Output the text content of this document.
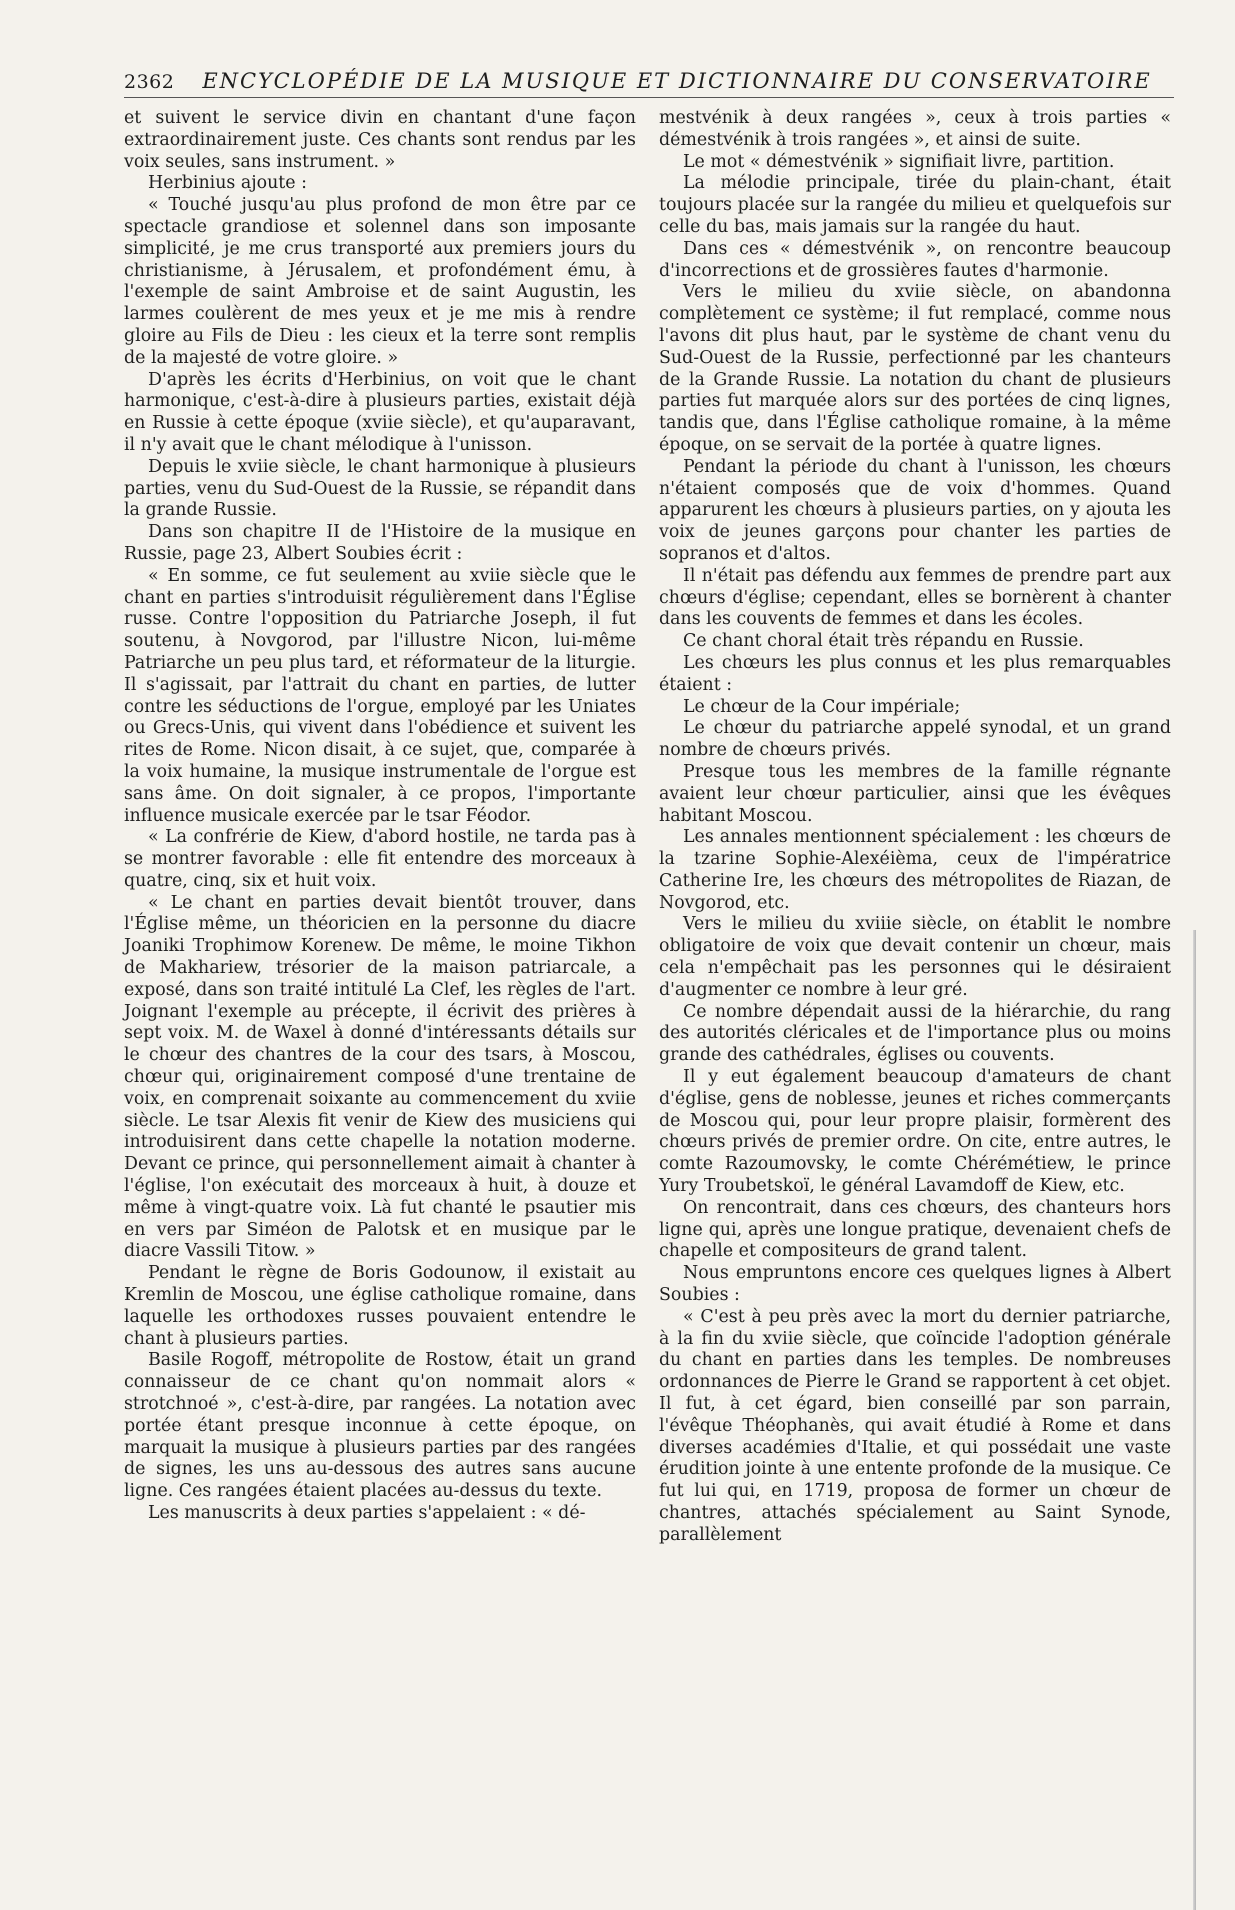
2362	ENCYCLOPÉDIE DE LA MUSIQUE ET DICTIONNAIRE DU CONSERVATOIRE

et suivent le service divin en chantant d'une façon extraordinairement juste. Ces chants sont rendus par les voix seules, sans instrument. »

Herbinius ajoute :

« Touché jusqu'au plus profond de mon être par ce spectacle grandiose et solennel dans son imposante simplicité, je me crus transporté aux premiers jours du christianisme, à Jérusalem, et profondément ému, à l'exemple de saint Ambroise et de saint Augustin, les larmes coulèrent de mes yeux et je me mis à rendre gloire au Fils de Dieu : les cieux et la terre sont remplis de la majesté de votre gloire. »

D'après les écrits d'Herbinius, on voit que le chant harmonique, c'est-à-dire à plusieurs parties, existait déjà en Russie à cette époque (xviie siècle), et qu'auparavant, il n'y avait que le chant mélodique à l'unisson.

Depuis le xviie siècle, le chant harmonique à plusieurs parties, venu du Sud-Ouest de la Russie, se répandit dans la grande Russie.

Dans son chapitre II de l'Histoire de la musique en Russie, page 23, Albert Soubies écrit :

« En somme, ce fut seulement au xviie siècle que le chant en parties s'introduisit régulièrement dans l'Église russe. Contre l'opposition du Patriarche Joseph, il fut soutenu, à Novgorod, par l'illustre Nicon, lui-même Patriarche un peu plus tard, et réformateur de la liturgie. Il s'agissait, par l'attrait du chant en parties, de lutter contre les séductions de l'orgue, employé par les Uniates ou Grecs-Unis, qui vivent dans l'obédience et suivent les rites de Rome. Nicon disait, à ce sujet, que, comparée à la voix humaine, la musique instrumentale de l'orgue est sans âme. On doit signaler, à ce propos, l'importante influence musicale exercée par le tsar Féodor.

« La confrérie de Kiew, d'abord hostile, ne tarda pas à se montrer favorable : elle fit entendre des morceaux à quatre, cinq, six et huit voix.

« Le chant en parties devait bientôt trouver, dans l'Église même, un théoricien en la personne du diacre Joaniki Trophimow Korenew. De même, le moine Tikhon de Makhariew, trésorier de la maison patriarcale, a exposé, dans son traité intitulé La Clef, les règles de l'art. Joignant l'exemple au précepte, il écrivit des prières à sept voix. M. de Waxel à donné d'intéressants détails sur le chœur des chantres de la cour des tsars, à Moscou, chœur qui, originairement composé d'une trentaine de voix, en comprenait soixante au commencement du xviie siècle. Le tsar Alexis fit venir de Kiew des musiciens qui introduisirent dans cette chapelle la notation moderne. Devant ce prince, qui personnellement aimait à chanter à l'église, l'on exécutait des morceaux à huit, à douze et même à vingt-quatre voix. Là fut chanté le psautier mis en vers par Siméon de Palotsk et en musique par le diacre Vassili Titow. »

Pendant le règne de Boris Godounow, il existait au Kremlin de Moscou, une église catholique romaine, dans laquelle les orthodoxes russes pouvaient entendre le chant à plusieurs parties.

Basile Rogoff, métropolite de Rostow, était un grand connaisseur de ce chant qu'on nommait alors « strotchnoé », c'est-à-dire, par rangées. La notation avec portée étant presque inconnue à cette époque, on marquait la musique à plusieurs parties par des rangées de signes, les uns au-dessous des autres sans aucune ligne. Ces rangées étaient placées au-dessus du texte.

Les manuscrits à deux parties s'appelaient : « dé-

mestvénik à deux rangées », ceux à trois parties « démestvénik à trois rangées », et ainsi de suite.

Le mot « démestvénik » signifiait livre, partition.

La mélodie principale, tirée du plain-chant, était toujours placée sur la rangée du milieu et quelquefois sur celle du bas, mais jamais sur la rangée du haut.

Dans ces « démestvénik », on rencontre beaucoup d'incorrections et de grossières fautes d'harmonie.

Vers le milieu du xviie siècle, on abandonna complètement ce système; il fut remplacé, comme nous l'avons dit plus haut, par le système de chant venu du Sud-Ouest de la Russie, perfectionné par les chanteurs de la Grande Russie. La notation du chant de plusieurs parties fut marquée alors sur des portées de cinq lignes, tandis que, dans l'Église catholique romaine, à la même époque, on se servait de la portée à quatre lignes.

Pendant la période du chant à l'unisson, les chœurs n'étaient composés que de voix d'hommes. Quand apparurent les chœurs à plusieurs parties, on y ajouta les voix de jeunes garçons pour chanter les parties de sopranos et d'altos.

Il n'était pas défendu aux femmes de prendre part aux chœurs d'église; cependant, elles se bornèrent à chanter dans les couvents de femmes et dans les écoles.

Ce chant choral était très répandu en Russie.

Les chœurs les plus connus et les plus remarquables étaient :

Le chœur de la Cour impériale;

Le chœur du patriarche appelé synodal, et un grand nombre de chœurs privés.

Presque tous les membres de la famille régnante avaient leur chœur particulier, ainsi que les évêques habitant Moscou.

Les annales mentionnent spécialement : les chœurs de la tzarine Sophie-Alexéièma, ceux de l'impératrice Catherine Ire, les chœurs des métropolites de Riazan, de Novgorod, etc.

Vers le milieu du xviiie siècle, on établit le nombre obligatoire de voix que devait contenir un chœur, mais cela n'empêchait pas les personnes qui le désiraient d'augmenter ce nombre à leur gré.

Ce nombre dépendait aussi de la hiérarchie, du rang des autorités cléricales et de l'importance plus ou moins grande des cathédrales, églises ou couvents.

Il y eut également beaucoup d'amateurs de chant d'église, gens de noblesse, jeunes et riches commerçants de Moscou qui, pour leur propre plaisir, formèrent des chœurs privés de premier ordre. On cite, entre autres, le comte Razoumovsky, le comte Chérémétiew, le prince Yury Troubetskoï, le général Lavamdoff de Kiew, etc.

On rencontrait, dans ces chœurs, des chanteurs hors ligne qui, après une longue pratique, devenaient chefs de chapelle et compositeurs de grand talent.

Nous empruntons encore ces quelques lignes à Albert Soubies :

« C'est à peu près avec la mort du dernier patriarche, à la fin du xviie siècle, que coïncide l'adoption générale du chant en parties dans les temples. De nombreuses ordonnances de Pierre le Grand se rapportent à cet objet. Il fut, à cet égard, bien conseillé par son parrain, l'évêque Théophanès, qui avait étudié à Rome et dans diverses académies d'Italie, et qui possédait une vaste érudition jointe à une entente profonde de la musique. Ce fut lui qui, en 1719, proposa de former un chœur de chantres, attachés spécialement au Saint Synode, parallèlement
